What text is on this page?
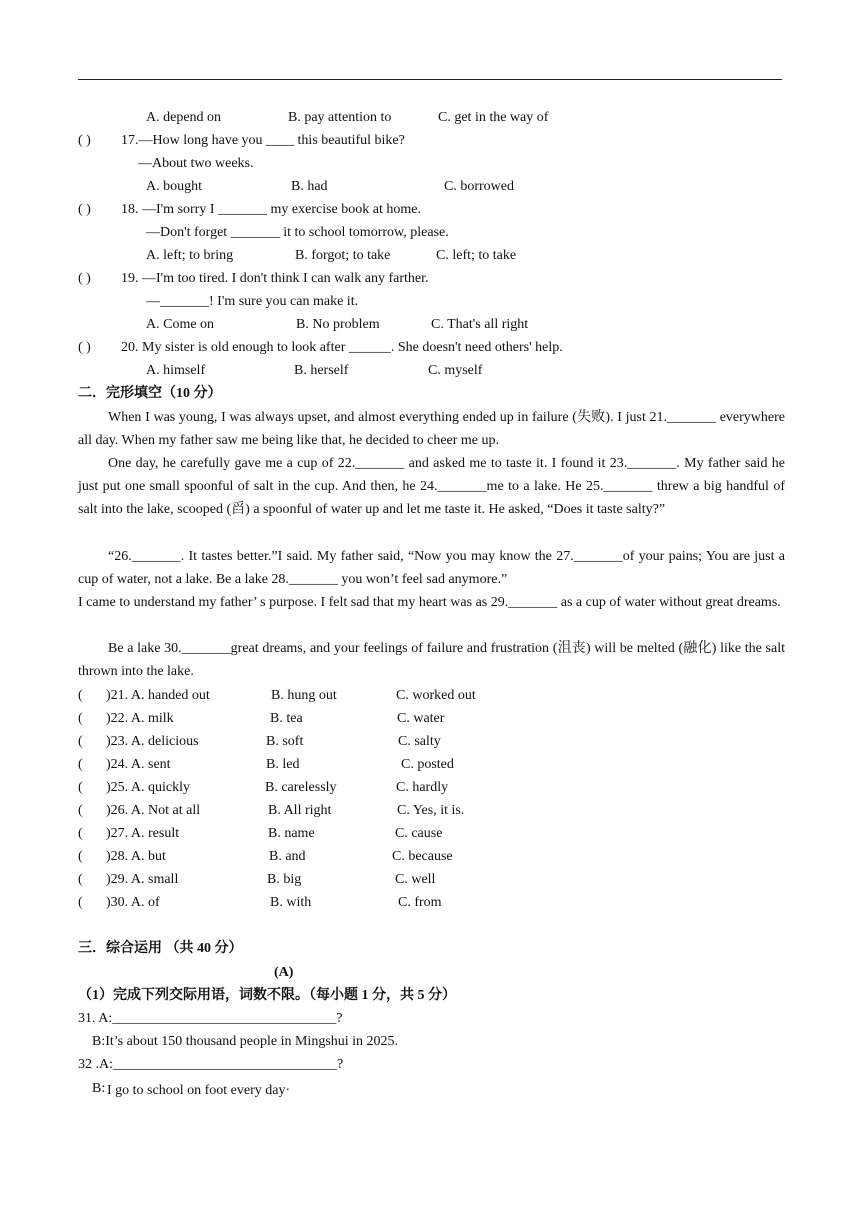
A. depend on	B. pay attention to	C. get in the way of
( ) 17.—How long have you ____ this beautiful bike?
—About two weeks.
A. bought	B. had	C. borrowed
( ) 18. —I'm sorry I _______ my exercise book at home.
—Don't forget _______ it to school tomorrow, please.
A. left; to bring	B. forgot; to take	C. left; to take
( ) 19. —I'm too tired. I don't think I can walk any farther.
—_______! I'm sure you can make it.
A. Come on	B. No problem	C. That's all right
( ) 20. My sister is old enough to look after ______. She doesn't need others' help.
A. himself	B. herself	C. myself
二．完形填空（10 分）
When I was young, I was always upset, and almost everything ended up in failure (失败). I just 21._______ everywhere all day. When my father saw me being like that, he decided to cheer me up.
One day, he carefully gave me a cup of 22._______ and asked me to taste it. I found it 23._______. My father said he just put one small spoonful of salt in the cup. And then, he 24._______me to a lake. He 25._______ threw a big handful of salt into the lake, scooped (舀) a spoonful of water up and let me taste it. He asked, “Does it taste salty?”
“26._______. It tastes better.”I said. My father said, “Now you may know the 27._______of your pains; You are just a cup of water, not a lake. Be a lake 28._______ you won’t feel sad anymore.”
I came to understand my father’ s purpose. I felt sad that my heart was as 29._______ as a cup of water without great dreams.
Be a lake 30._______great dreams, and your feelings of failure and frustration (沮丧) will be melted (融化) like the salt thrown into the lake.
( )21. A. handed out	B. hung out	C. worked out
( )22. A. milk	B. tea	C. water
( )23. A. delicious	B. soft	C. salty
( )24. A. sent	B. led	C. posted
( )25. A. quickly	B. carelessly	C. hardly
( )26. A. Not at all	B. All right	C. Yes, it is.
( )27. A. result	B. name	C. cause
( )28. A. but	B. and	C. because
( )29. A. small	B. big	C. well
( )30. A. of	B. with	C. from
三．综合运用 （共 40 分）
(A)
（1）完成下列交际用语，词数不限。（每小题 1 分，共 5 分）
31. A:________________________________?
B:It’s about 150 thousand people in Mingshui in 2025.
32 .A:________________________________?
B: I go to school on foot every day·
